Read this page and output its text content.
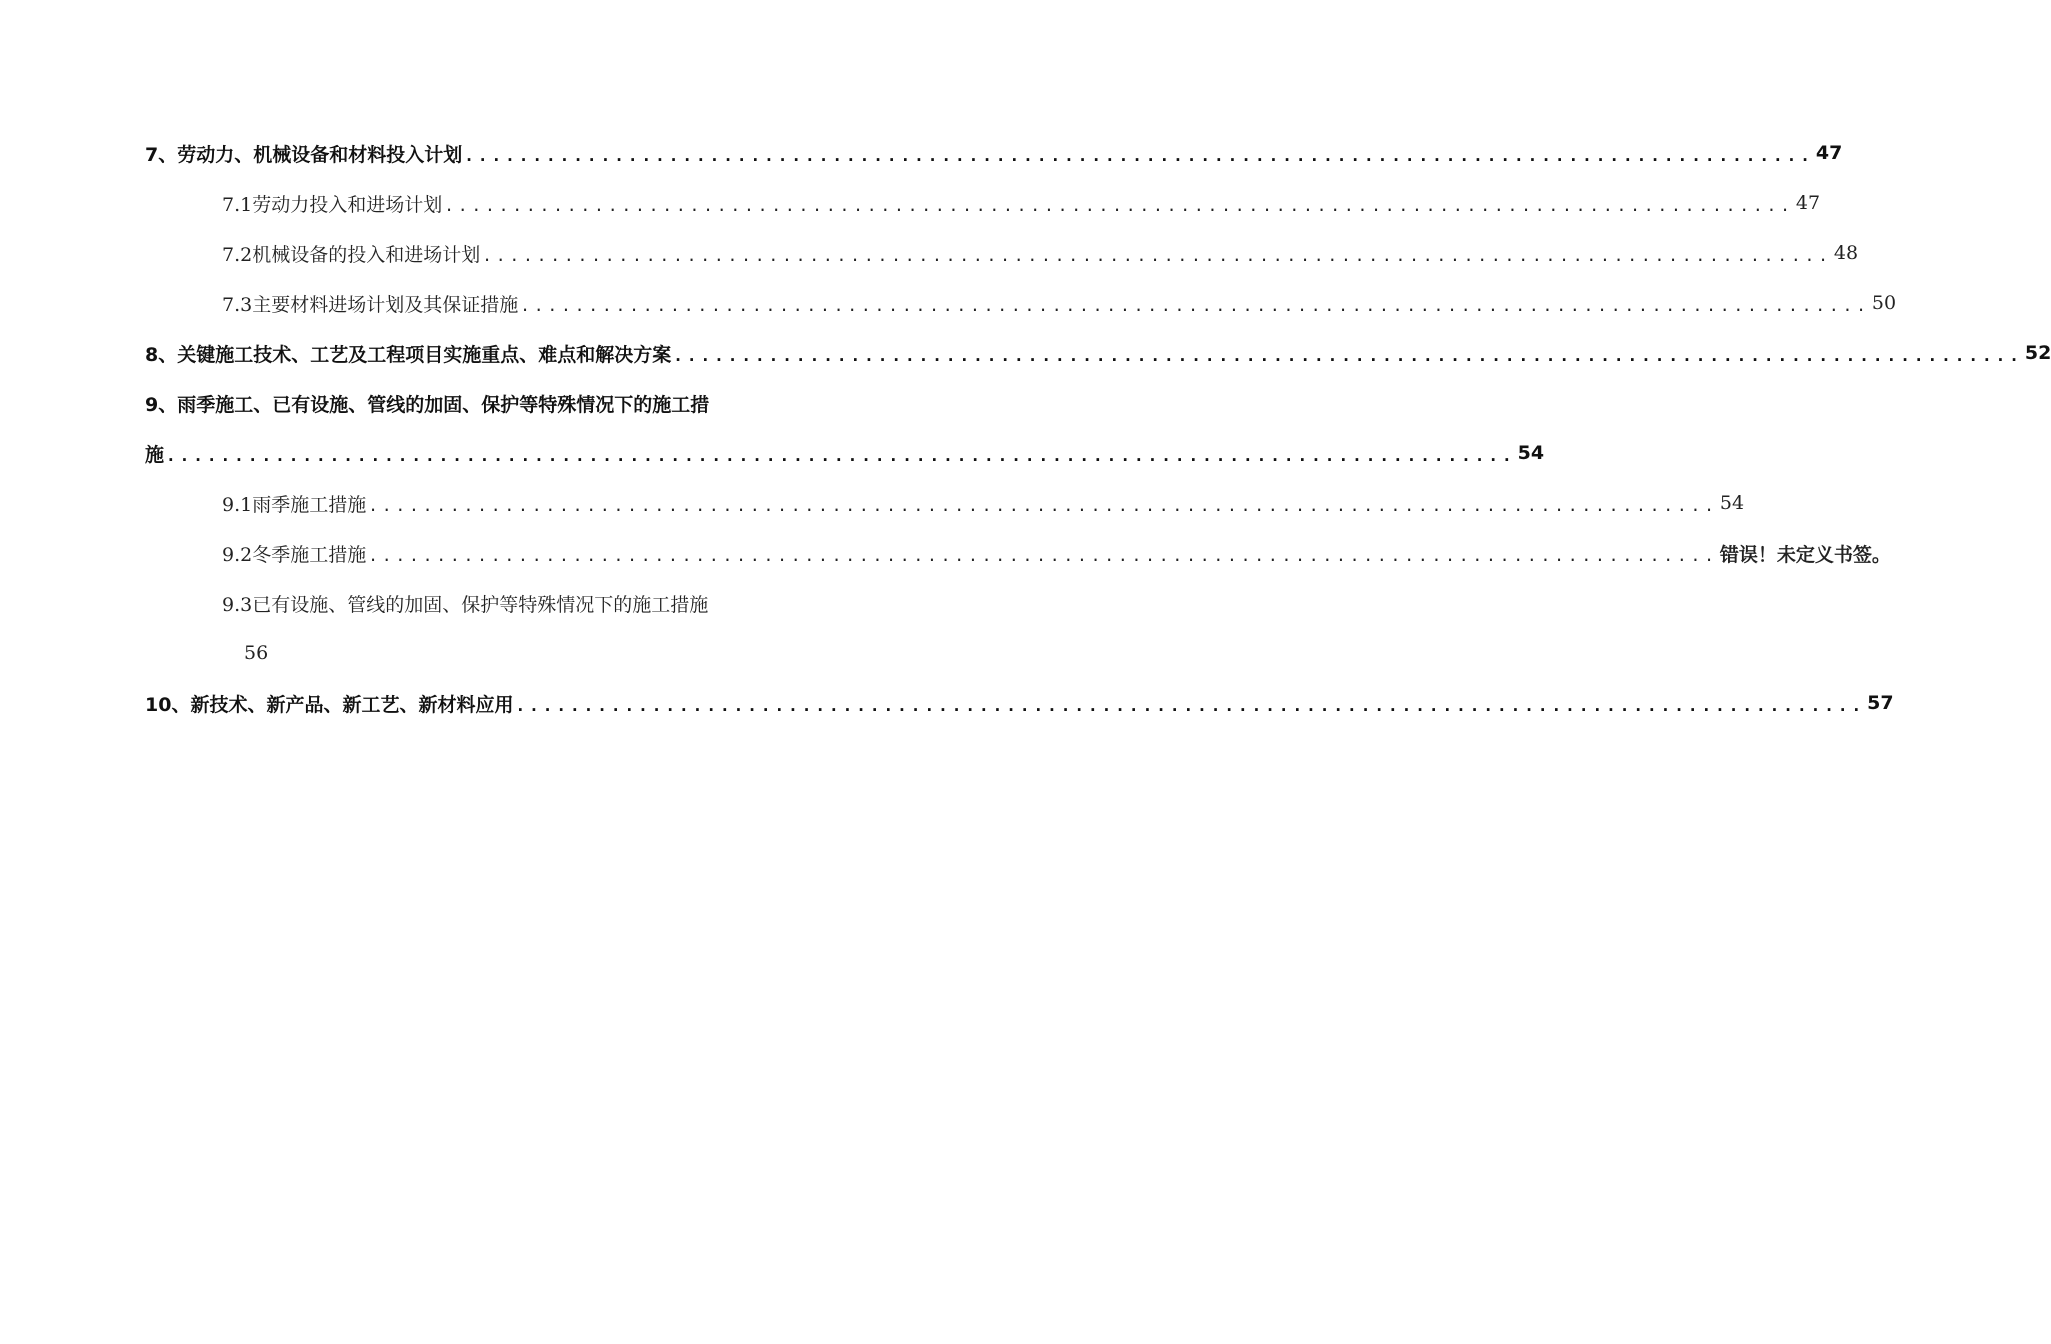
7、劳动力、机械设备和材料投入计划 ................................................................................................... 47
7.1劳动力投入和进场计划 ................................................................................................... 47
7.2机械设备的投入和进场计划 ................................................................................................... 48
7.3主要材料进场计划及其保证措施 ................................................................................................... 50
8、关键施工技术、工艺及工程项目实施重点、难点和解决方案 ................................................................................................... 52
9、雨季施工、已有设施、管线的加固、保护等特殊情况下的施工措
施 ................................................................................................... 54
9.1雨季施工措施 ................................................................................................... 54
9.2冬季施工措施 ................................................................................................... 错误！未定义书签。
9.3已有设施、管线的加固、保护等特殊情况下的施工措施
56
10、新技术、新产品、新工艺、新材料应用 ................................................................................................... 57
